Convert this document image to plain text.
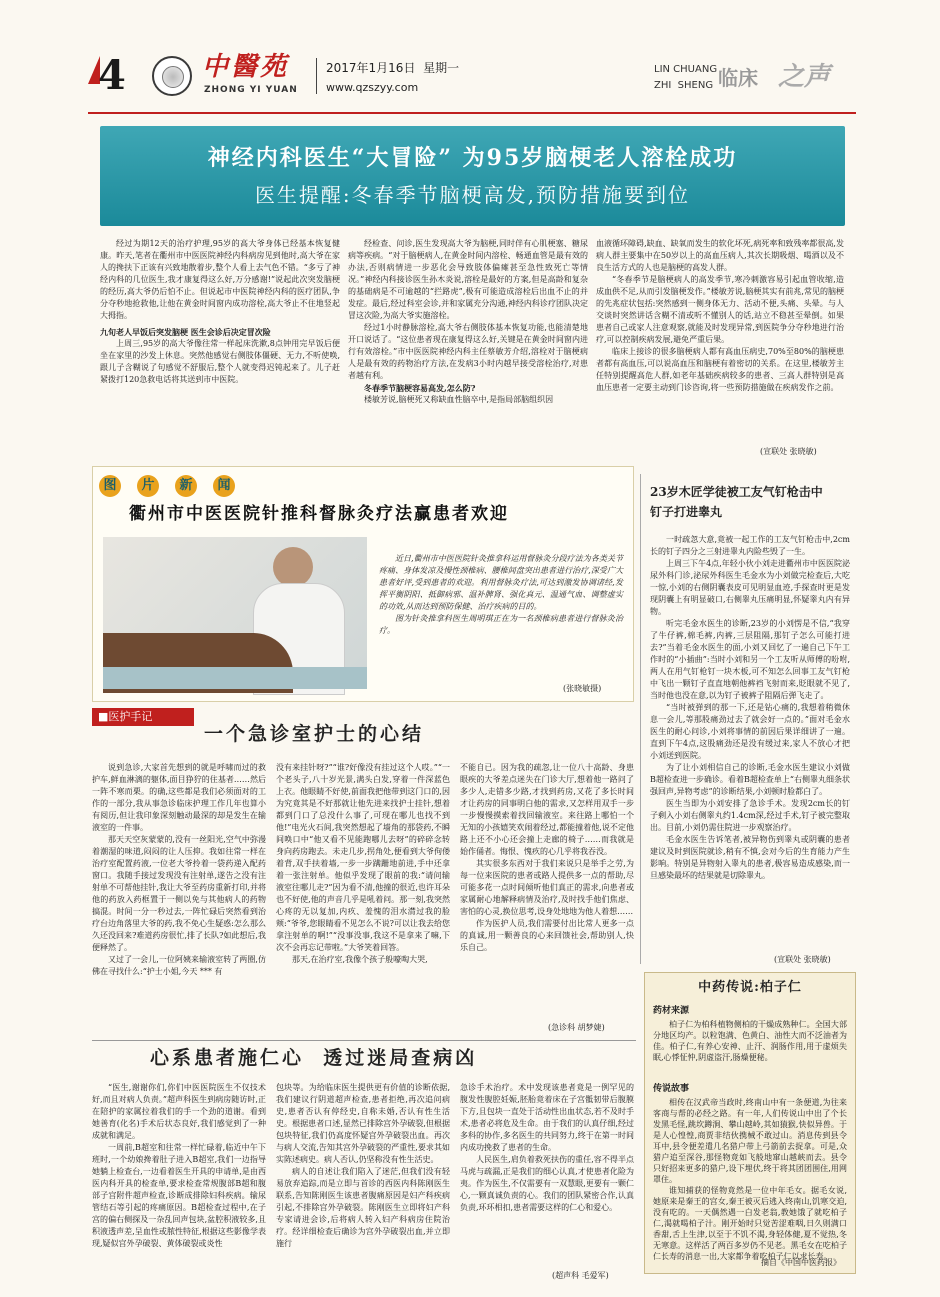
4	中醫苑
ZHONG YI YUAN
2017年1月16日  星期一
www.qzszyy.com
LIN CHUANG
ZHI  SHENG 临床 之声
神经内科医生“大冒险” 为95岁脑梗老人溶栓成功
医生提醒:冬春季节脑梗高发,预防措施要到位

经过为期12天的治疗护理,95岁的高大爷身体已经基本恢复健康。昨天,笔者在衢州市中医医院神经内科病房见到他时,高大爷在家人的搀扶下正该有兴致地散着步,整个人看上去气色不错。“多亏了神经内科的几位医生,我才康复得这么好,万分感谢!”说起此次突发脑梗的经历,高大爷仍后怕不止。但说起市中医院神经内科的医疗团队,争分夺秒地抢救他,让他在黄金时间窗内成功溶栓,高大爷止不住地竖起大拇指。

九旬老人早饭后突发脑梗 医生会诊后决定冒次险

上周三,95岁的高大爷像往常一样起床洗漱,8点钟用完早饭后便坐在家里的沙发上休息。突然他感觉右侧肢体僵硬、无力,不听使唤,跟儿子含糊说了句感觉不舒服后,整个人就变得迟钝起来了。儿子赶紧拨打120急救电话将其送到市中医院。

经检查、问诊,医生发现高大爷为脑梗,同时伴有心肌梗塞、糖尿病等疾病。“对于脑梗病人,在黄金时间内溶栓、畅通血管是最有效的办法,否则病情进一步恶化会导致肢体偏瘫甚至急性致死亡等情况。”神经内科接诊医生孙木炎说,溶栓是最好的方案,但是高龄和复杂的基础病是不可逾越的“拦路虎”,极有可能造成溶栓后出血不止的并发症。最后,经过科室会诊,并和家属充分沟通,神经内科诊疗团队决定冒这次险,为高大爷实施溶栓。

经过1小时静脉溶栓,高大爷右侧肢体基本恢复功能,也能清楚地开口说话了。“这位患者现在康复得这么好,关键是在黄金时间窗内进行有效溶栓。”市中医医院神经内科主任蔡敏芳介绍,溶栓对于脑梗病人是最有效的药物治疗方法,在发病3小时内越早接受溶栓治疗,对患者越有利。

冬春季节脑梗容易高发,怎么防?

楼敏芳说,脑梗死又称缺血性脑卒中,是指局部脑组织因

血液循环障碍,缺血、缺氧而发生的软化坏死,病死率和致残率都很高,发病人群主要集中在50岁以上的高血压病人,其次长期吸烟、喝酒以及不良生活方式的人也是脑梗的高发人群。

“冬春季节是脑梗病人的高发季节,寒冷刺激容易引起血管收缩,造成血供不足,从而引发脑梗发作。”楼敏芳说,脑梗其实有前兆,常见的脑梗的先兆症状包括:突然感到一侧身体无力、活动不便,头痛、头晕。与人交谈时突然讲话含糊不清或听不懂别人的话,站立不稳甚至晕倒。如果患者自己或家人注意观察,就能及时发现异常,到医院争分夺秒地进行治疗,可以控制疾病发展,避免严重后果。

临床上接诊的很多脑梗病人都有高血压病史,70%至80%的脑梗患者都有高血压,可以说高血压和脑梗有着密切的关系。在这里,楼敏芳主任特别提醒高危人群,如老年基础疾病较多的患者、三高人群特别是高血压患者一定要主动到门诊咨询,将一些预防措施做在疾病发作之前。

(宣联处 张晓敏)
图	片	新	闻
衢州市中医医院针推科督脉灸疗法赢患者欢迎

近日,衢州市中医医院针灸推拿科运用督脉灸分段疗法为各类关节疼痛、身体发凉及慢性颈椎病、腰椎间盘突出患者进行治疗,深受广大患者好评,受到患者的欢迎。利用督脉灸疗法,可达到激发协调诸经,发挥平衡阴阳、抵御病邪、温补脾肾、强化真元、温通气血、调整虚实的功效,从而达到预防保健、治疗疾病的目的。

图为针灸推拿科医生周明琪正在为一名颈椎病患者进行督脉灸治疗。

(张晓敏摄)
23岁木匠学徒被工友气钉枪击中
钉子打进睾丸

一时疏忽大意,竟被一起工作的工友气钉枪击中,2cm长的钉子四分之三射进睾丸内险些毁了一生。

上周三下午4点,年轻小伙小刘走进衢州市中医医院泌尿外科门诊,泌尿外科医生毛金水为小刘做完检查后,大吃一惊,小刘的右侧阴囊表皮可见明显血迹,手探查时更是发现阴囊上有明显破口,右侧睾丸压痛明显,怀疑睾丸内有异物。

听完毛金水医生的诊断,23岁的小刘愣是不信,“我穿了牛仔裤,棉毛裤,内裤,三层阻隔,那钉子怎么可能打进去?”当着毛金水医生的面,小刘又回忆了一遍自己下午工作时的“小插曲”:当时小刘和另一个工友听从师傅的吩咐,两人在用气钉枪钉一块木板,可不知怎么回事工友气钉枪中飞出一颗钉子直直地朝他裤裆飞射而来,貶眼就不见了,当时他也没在意,以为钉子被裤子阻隔后弹飞走了。

“当时被弹到的那一下,还是钻心痛的,我想着稍微休息一会儿,等那股痛劲过去了就会好一点的。”面对毛金水医生的耐心问诊,小刘将事情的前因后果详细讲了一遍。直到下午4点,这股痛劲还是没有缓过来,家人不放心才把小刘送到医院。

为了让小刘相信自己的诊断,毛金水医生建议小刘做B超检查进一步确诊。看着B超检查单上“右侧睾丸细条状强回声,异物考虑”的诊断结果,小刘顿时脸都白了。

医生当即为小刘安排了急诊手术。发现2cm长的钉子剩入小刘右侧睾丸约1.4cm深,经过手术,钉子被完整取出。目前,小刘仍需住院进一步观察治疗。

毛金水医生告诉笔者,被异物伤到睾丸或阴囊的患者建议及时到医院就诊,稍有不慎,会对今后的生育能力产生影响。特别是异物射入睾丸的患者,极容易造成感染,而一旦感染最坏的结果就是切除睾丸。

(宣联处 张晓敏)
■医护手记
一个急诊室护士的心结

说到急诊,大家首先想到的就是呼啸而过的救护车,鲜血淋漓的躯体,面目狰狞的住基者……然后一阵不寒而栗。的确,这些都是我们必须面对的工作的一部分,我从事急诊临床护理工作几年也算小有阅历,但让我印象深刻触动最深的却是发生在输液室的一件事。

那天天空灰蒙蒙的,没有一丝阳光,空气中弥漫着潮湿的味道,闷闷的让人压抑。我如往常一样在治疗室配置药液,一位老大爷拎着一袋药递入配药窗口。我随手接过发现没有注射单,遂告之没有注射单不可帮他挂针,我让大爷至药房重新打印,并将他的药放入药框置于一侧以免与其他病人的药物搞混。时间一分一秒过去,一阵忙碌后突然看到治疗台边角落里大爷的药,我不免心生疑惑:怎么那么久还没回来?难道药房很忙,排了长队?如此想后,我便释然了。

又过了一会儿,一位阿姨来输液室转了两圈,仿佛在寻找什么:“护士小姐,今天 *** 有

没有来挂针呀?”“谁?好像没有挂过这个人哎。”“一个老头子,八十岁光景,满头白发,穿着一件深蓝色上衣。他眼睛不好使,前面我把他带到这门口的,因为究竟其是不好那就让他先进来找护士挂针,想着都到门口了总没什么事了,可现在哪儿也找不到他!”电光火石间,我突然想起了墙角的那袋药,不瞬间唤口中“他又看不见能跑哪儿去呀”的碎碎念转身向药房跑去。未走几步,拐角处,便看到大爷佝偻着背,双手扶着墙,一步一步蹒跚地前进,手中还拿着一张注射单。他似乎发现了眼前的我:“请问输液室往哪儿走?”因为看不清,他撞的很近,也许耳朵也不好使,他的声音几乎是吼着问。那一刻,我突然心疼的无以复加,内疚、羞愧的泪水潸过我的脸颊:“爷爷,您眼睛看不见怎么不说?可以让我去给您拿注射单的啊!”“没事没事,我这不是拿来了嘛,下次不会再忘记带啦。”大爷笑着回答。

那天,在治疗室,我像个孩子般嚎啕大哭,

不能自已。因为我的疏忽,让一位八十高龄、身患眼疾的大爷差点迷失在门诊大厅,想着他一路问了多少人,走错多少路,才找到药房,又花了多长时间才让药房的同事明白他的需求,又怎样用双手一步一步慢慢摸索着找回输液室。来往路上哪怕一个无知的小孩嬉笑欢闹着经过,都能撞着他,说不定他路上还不小心还会撞上走廊的椅子……而我就是始作俑者。悔恨、愧疚的心几乎将我吞没。

其实很多东西对于我们来说只是举手之劳,为每一位来医院的患者或路人提供多一点的帮助,尽可能多花一点时间倾听他们真正的需求,向患者或家属耐心地解释病情及治疗,及时找手他们焦虑、害怕的心灵,换位思考,设身处地地为他人着想……

作为医护人员,我们需要付出比常人更多一点的真诚,用一颗善良的心来回馈社会,帮助别人,快乐自己。

(急诊科 胡梦婕)
心系患者施仁心  透过迷局查病凶

“医生,谢谢你们,你们中医医院医生不仅技术好,而且对病人负责。”超声科医生到病房随访时,正在陪护的家属拉着我们的手一个劲的道谢。看到她善育(化名)手术后状态良好,我们感觉到了一种成就和满足。

一周前,B超室和往常一样忙碌着,临近中午下班时,一个幼娘搀着肚子进入B超室,我们一边指导她躺上检查台,一边看着医生开具的申请单,是由西医内科开具的检查单,要求检查常规腹部B超和腹部子宫附件超声检查,诊断成排除妇科疾病。输尿管结石等引起的疼痛原因。B超检查过程中,在子宫的偏右侧探及一杂乱回声包块,盆腔积液较多,且积液透声差,呈血性或脓性特征,根据这些影像学表现,疑似宫外孕破裂、黄体破裂或炎性

包块等。为给临床医生提供更有价值的诊断依据,我们建议行阴道超声检查,患者拒绝,再次追问病史,患者否认有停经史,自称未婚,否认有性生活史。根据患者口述,显然已排除宫外孕破裂,但根据包块特征,我们仍高度怀疑宫外孕破裂出血。再次与病人交流,告知其宫外孕破裂的严重性,要求其如实陈述病史。病人否认,仍坚称没有性生活史。

病人的自述让我们陷入了迷茫,但我们没有轻易放弃追踪,而是立即与首诊的西医内科陈刚医生联系,告知陈刚医生该患者腹痛原因是妇产科疾病引起,不排除宫外孕破裂。陈刚医生立即将妇产科专家请进会诊,后将病人转入妇产科病房住院治疗。经详细检查后确诊为宫外孕破裂出血,并立即施行

急诊手术治疗。术中发现该患者竟是一例罕见的腹发性腹腔妊娠,胚胎竟着床在子宫骶韧带后腹膜下方,且包块一直处于活动性出血状态,若不及时手术,患者必将危及生命。由于我们的认真仔细,经过多科的协作,多名医生的共同努力,终于在第一时间内成功挽救了患者的生命。

人民医生,肩负着救死扶伤的重任,容不得半点马虎与疏漏,正是我们的细心认真,才使患者化险为夷。作为医生,不仅需要有一双慧眼,更要有一颗仁心,一颗真诚负责的心。我们的团队紧密合作,认真负责,环环相扣,患者需要这样的仁心和爱心。

(超声科 毛爱军)
中药传说:柏子仁
药材来源

柏子仁为柏科植物侧柏的干燥成熟种仁。全国大部分地区均产。以粒饱满、色黄白、油性大而不泛油者为佳。柏子仁,有养心安神、止汗、润肠作用,用于虚烦失眠,心悸怔忡,阴虚盗汗,肠燥便秘。

传说故事

相传在汉武帝当政时,终南山中有一条便道,为往来客商与帮的必经之路。有一年,人们传说山中出了个长发黑毛怪,跳坎蹲涧、攀山越岭,其如猿猴,快似异兽。于是人心惶惶,商贾非结伙携械不敢过山。消息传到县令耳中,县令便差遣几名猎户带上弓箭前去捉拿。可是,众猎户追至深谷,那怪物竟如飞般地窜山越峡而去。县令只好招来更多的猎户,设下埋伏,终于将其团团围住,用网罩住。

谁知捕获的怪物竟然是一位中年毛女。据毛女说,她原来是秦王的宫女,秦王被灭后逃入终南山,饥寒交迫,没有吃的。一天偶然遇一白发老翁,教她饿了就吃柏子仁,渴就喝柏子汁。刚开始时只觉苦涩难咽,日久则满口香甜,舌上生津,以至于不饥不渴,身轻体健,夏不觉热,冬无寒意。这样活了两百多岁仍不见老。黑毛女在吃柏子仁长寿的消息一出,大家都争着吃柏子仁以求长寿。

摘自《中国中医药报》
